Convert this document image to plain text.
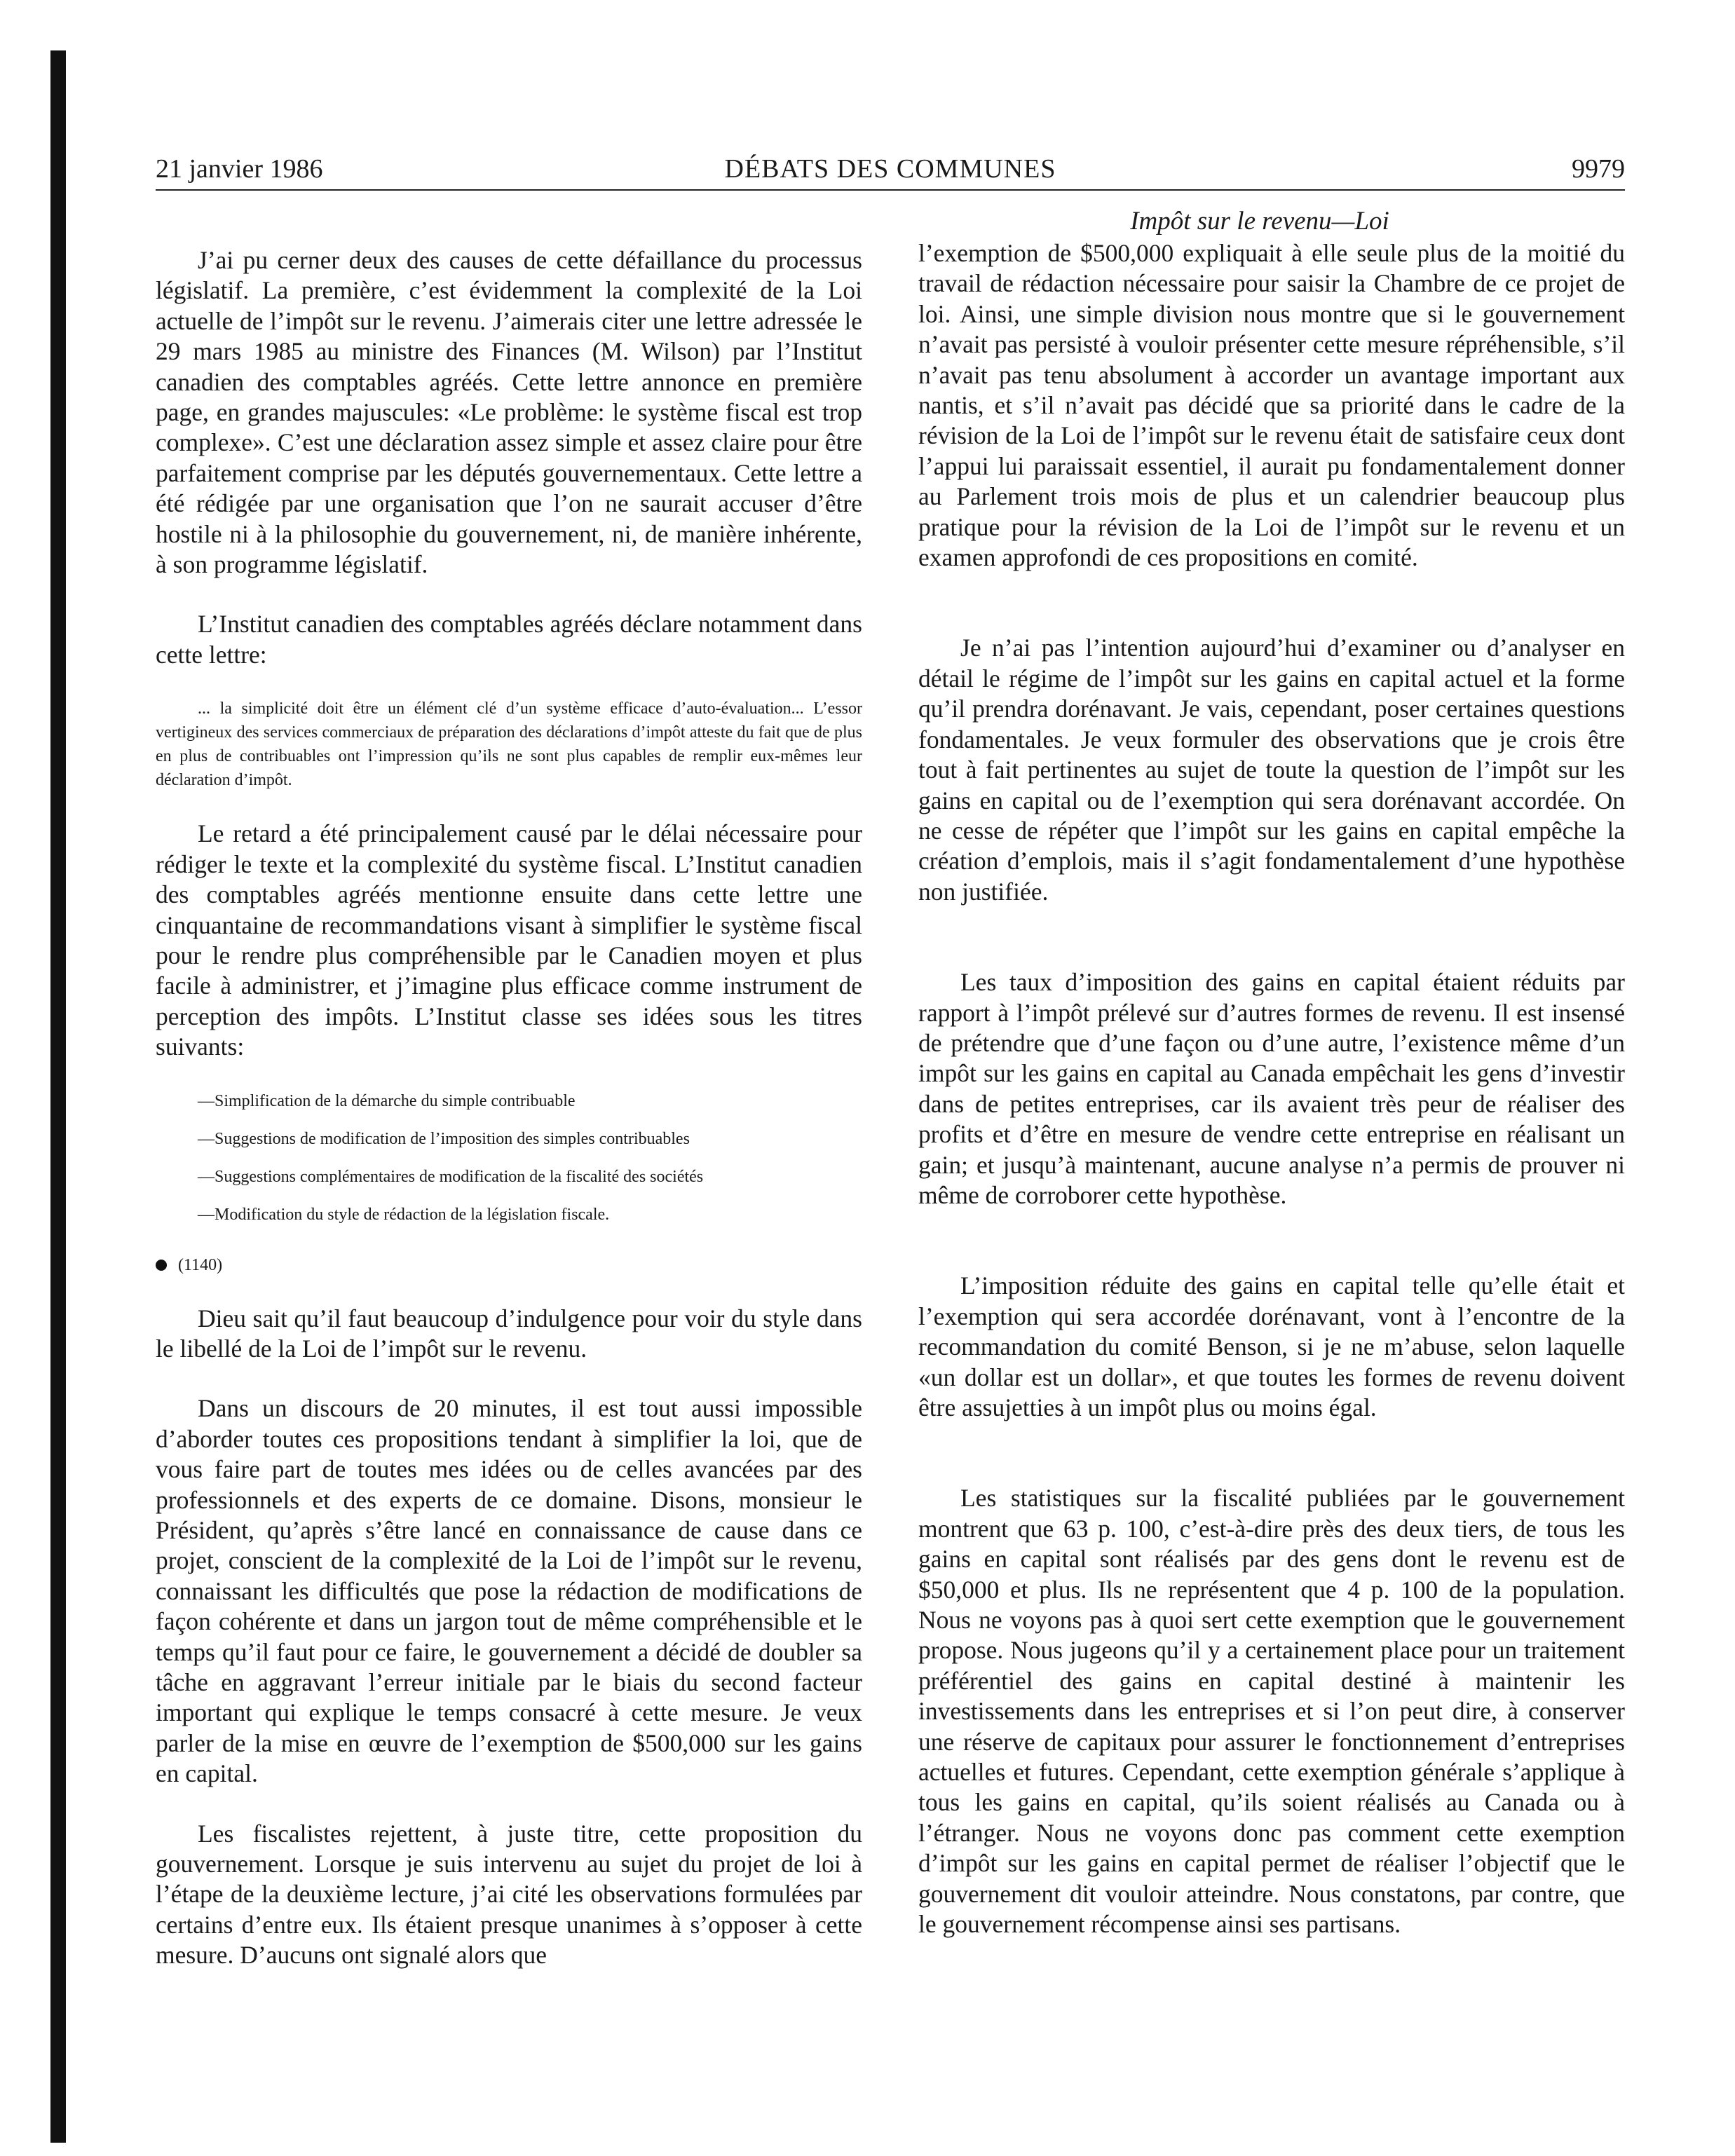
21 janvier 1986	DÉBATS DES COMMUNES	9979
Impôt sur le revenu—Loi

J’ai pu cerner deux des causes de cette défaillance du processus législatif. La première, c’est évidemment la complexité de la Loi actuelle de l’impôt sur le revenu. J’aimerais citer une lettre adressée le 29 mars 1985 au ministre des Finances (M. Wilson) par l’Institut canadien des comptables agréés. Cette lettre annonce en première page, en grandes majuscules: «Le problème: le système fiscal est trop complexe». C’est une déclaration assez simple et assez claire pour être parfaitement comprise par les députés gouvernementaux. Cette lettre a été rédigée par une organisation que l’on ne saurait accuser d’être hostile ni à la philosophie du gouvernement, ni, de manière inhérente, à son programme législatif.

L’Institut canadien des comptables agréés déclare notamment dans cette lettre:

... la simplicité doit être un élément clé d’un système efficace d’auto-évaluation... L’essor vertigineux des services commerciaux de préparation des déclarations d’impôt atteste du fait que de plus en plus de contribuables ont l’impression qu’ils ne sont plus capables de remplir eux-mêmes leur déclaration d’impôt.

Le retard a été principalement causé par le délai nécessaire pour rédiger le texte et la complexité du système fiscal. L’Institut canadien des comptables agréés mentionne ensuite dans cette lettre une cinquantaine de recommandations visant à simplifier le système fiscal pour le rendre plus compréhensible par le Canadien moyen et plus facile à administrer, et j’imagine plus efficace comme instrument de perception des impôts. L’Institut classe ses idées sous les titres suivants:

—Simplification de la démarche du simple contribuable

—Suggestions de modification de l’imposition des simples contribuables

—Suggestions complémentaires de modification de la fiscalité des sociétés

—Modification du style de rédaction de la législation fiscale.

(1140)

Dieu sait qu’il faut beaucoup d’indulgence pour voir du style dans le libellé de la Loi de l’impôt sur le revenu.

Dans un discours de 20 minutes, il est tout aussi impossible d’aborder toutes ces propositions tendant à simplifier la loi, que de vous faire part de toutes mes idées ou de celles avancées par des professionnels et des experts de ce domaine. Disons, monsieur le Président, qu’après s’être lancé en connaissance de cause dans ce projet, conscient de la complexité de la Loi de l’impôt sur le revenu, connaissant les difficultés que pose la rédaction de modifications de façon cohérente et dans un jargon tout de même compréhensible et le temps qu’il faut pour ce faire, le gouvernement a décidé de doubler sa tâche en aggravant l’erreur initiale par le biais du second facteur important qui explique le temps consacré à cette mesure. Je veux parler de la mise en œuvre de l’exemption de $500,000 sur les gains en capital.

Les fiscalistes rejettent, à juste titre, cette proposition du gouvernement. Lorsque je suis intervenu au sujet du projet de loi à l’étape de la deuxième lecture, j’ai cité les observations formulées par certains d’entre eux. Ils étaient presque unanimes à s’opposer à cette mesure. D’aucuns ont signalé alors que

l’exemption de $500,000 expliquait à elle seule plus de la moitié du travail de rédaction nécessaire pour saisir la Chambre de ce projet de loi. Ainsi, une simple division nous montre que si le gouvernement n’avait pas persisté à vouloir présenter cette mesure répréhensible, s’il n’avait pas tenu absolument à accorder un avantage important aux nantis, et s’il n’avait pas décidé que sa priorité dans le cadre de la révision de la Loi de l’impôt sur le revenu était de satisfaire ceux dont l’appui lui paraissait essentiel, il aurait pu fondamentalement donner au Parlement trois mois de plus et un calendrier beaucoup plus pratique pour la révision de la Loi de l’impôt sur le revenu et un examen approfondi de ces propositions en comité.

Je n’ai pas l’intention aujourd’hui d’examiner ou d’analyser en détail le régime de l’impôt sur les gains en capital actuel et la forme qu’il prendra dorénavant. Je vais, cependant, poser certaines questions fondamentales. Je veux formuler des observations que je crois être tout à fait pertinentes au sujet de toute la question de l’impôt sur les gains en capital ou de l’exemption qui sera dorénavant accordée. On ne cesse de répéter que l’impôt sur les gains en capital empêche la création d’emplois, mais il s’agit fondamentalement d’une hypothèse non justifiée.

Les taux d’imposition des gains en capital étaient réduits par rapport à l’impôt prélevé sur d’autres formes de revenu. Il est insensé de prétendre que d’une façon ou d’une autre, l’existence même d’un impôt sur les gains en capital au Canada empêchait les gens d’investir dans de petites entreprises, car ils avaient très peur de réaliser des profits et d’être en mesure de vendre cette entreprise en réalisant un gain; et jusqu’à maintenant, aucune analyse n’a permis de prouver ni même de corroborer cette hypothèse.

L’imposition réduite des gains en capital telle qu’elle était et l’exemption qui sera accordée dorénavant, vont à l’encontre de la recommandation du comité Benson, si je ne m’abuse, selon laquelle «un dollar est un dollar», et que toutes les formes de revenu doivent être assujetties à un impôt plus ou moins égal.

Les statistiques sur la fiscalité publiées par le gouvernement montrent que 63 p. 100, c’est-à-dire près des deux tiers, de tous les gains en capital sont réalisés par des gens dont le revenu est de $50,000 et plus. Ils ne représentent que 4 p. 100 de la population. Nous ne voyons pas à quoi sert cette exemption que le gouvernement propose. Nous jugeons qu’il y a certainement place pour un traitement préférentiel des gains en capital destiné à maintenir les investissements dans les entreprises et si l’on peut dire, à conserver une réserve de capitaux pour assurer le fonctionnement d’entreprises actuelles et futures. Cependant, cette exemption générale s’applique à tous les gains en capital, qu’ils soient réalisés au Canada ou à l’étranger. Nous ne voyons donc pas comment cette exemption d’impôt sur les gains en capital permet de réaliser l’objectif que le gouvernement dit vouloir atteindre. Nous constatons, par contre, que le gouvernement récompense ainsi ses partisans.
